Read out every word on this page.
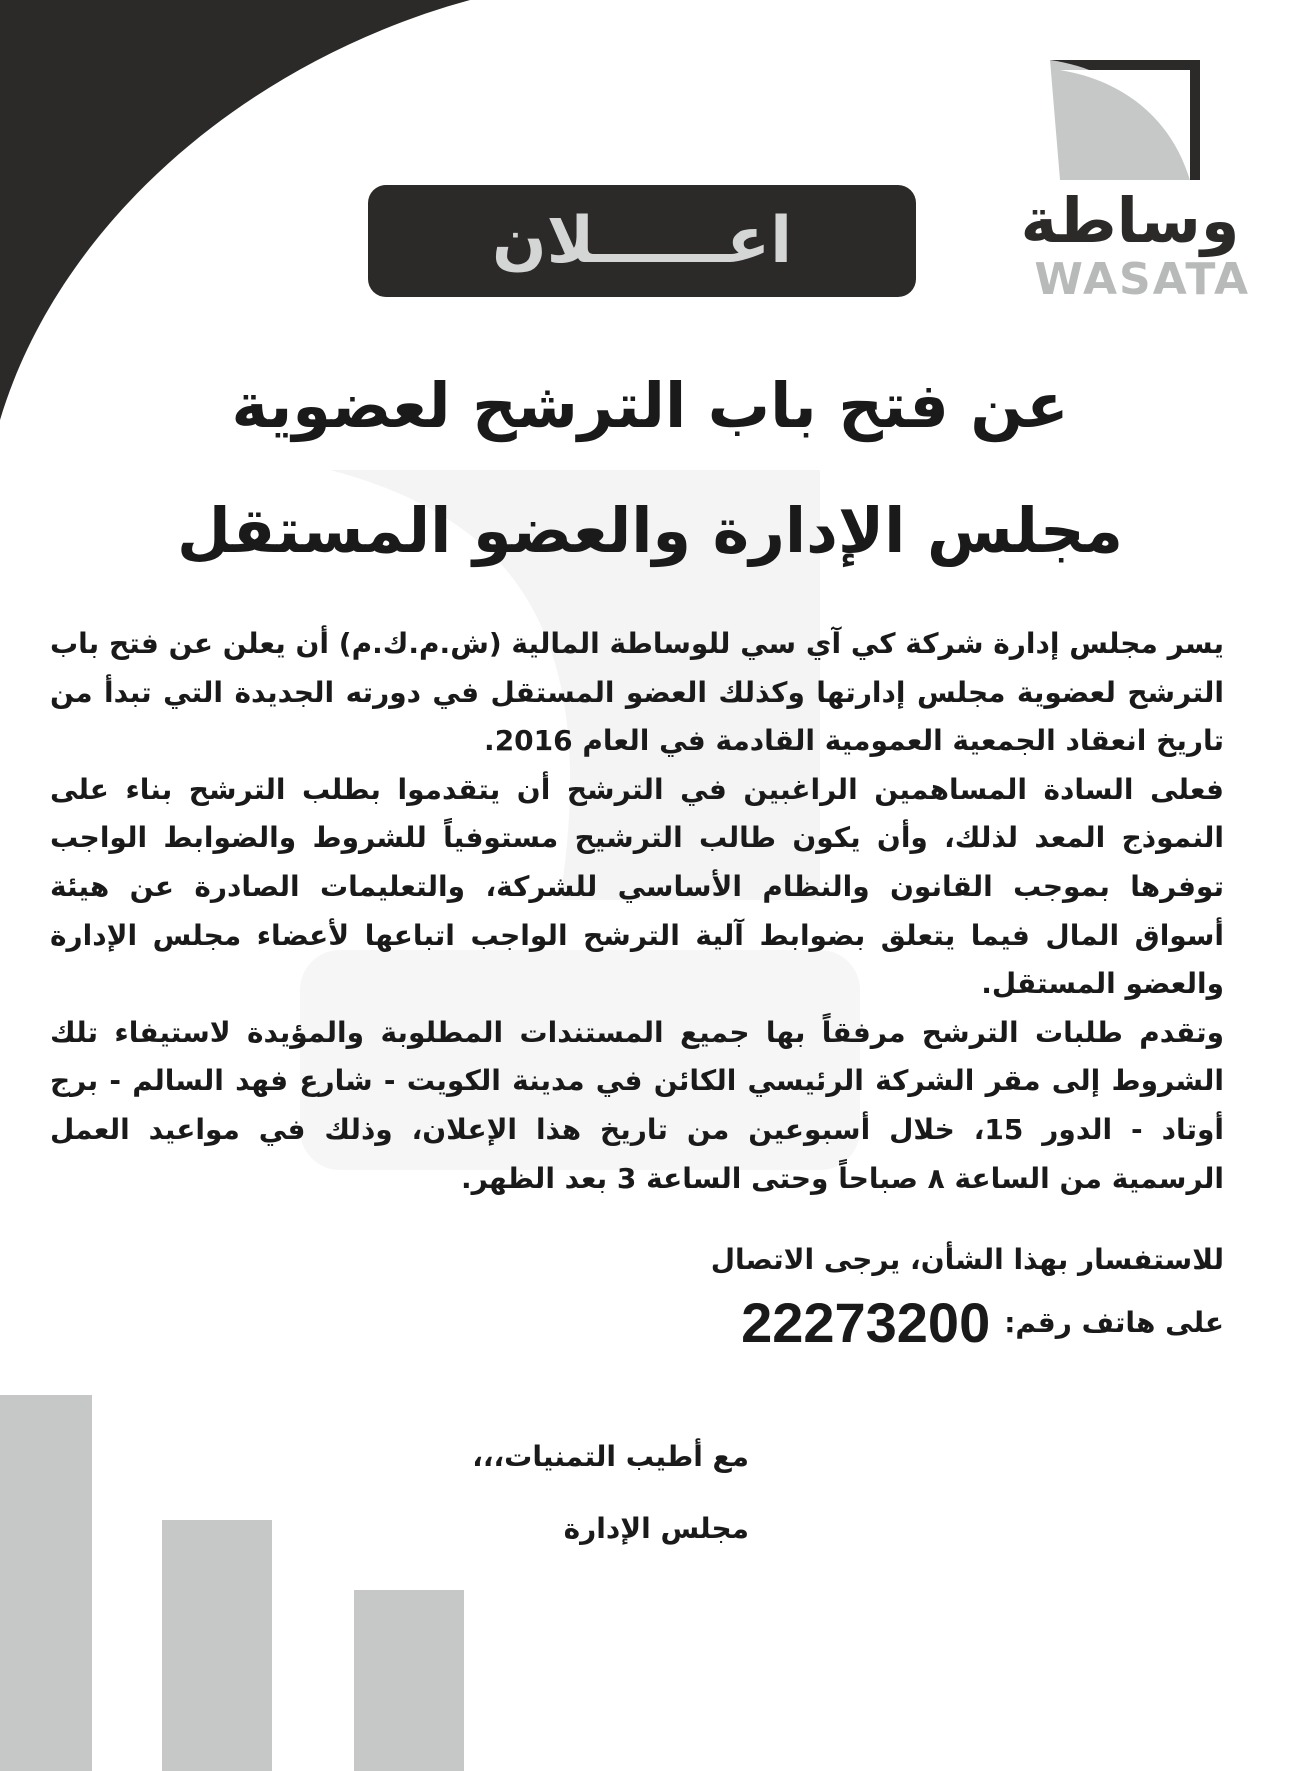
وساطة
WASATA
اعــــــلان
عن فتح باب الترشح لعضوية
مجلس الإدارة والعضو المستقل

يسر مجلس إدارة شركة كي آي سي للوساطة المالية (ش.م.ك.م) أن يعلن عن فتح باب الترشح لعضوية مجلس إدارتها وكذلك العضو المستقل في دورته الجديدة التي تبدأ من تاريخ انعقاد الجمعية العمومية القادمة في العام 2016.

فعلى السادة المساهمين الراغبين في الترشح أن يتقدموا بطلب الترشح بناء على النموذج المعد لذلك، وأن يكون طالب الترشيح مستوفياً للشروط والضوابط الواجب توفرها بموجب القانون والنظام الأساسي للشركة، والتعليمات الصادرة عن هيئة أسواق المال فيما يتعلق بضوابط آلية الترشح الواجب اتباعها لأعضاء مجلس الإدارة والعضو المستقل.

وتقدم طلبات الترشح مرفقاً بها جميع المستندات المطلوبة والمؤيدة لاستيفاء تلك الشروط إلى مقر الشركة الرئيسي الكائن في مدينة الكويت - شارع فهد السالم - برج أوتاد - الدور 15، خلال أسبوعين من تاريخ هذا الإعلان، وذلك في مواعيد العمل الرسمية من الساعة ٨ صباحاً وحتى الساعة 3 بعد الظهر.

للاستفسار بهذا الشأن، يرجى الاتصال
على هاتف رقم:
22273200
مع أطيب التمنيات،،،
مجلس الإدارة
